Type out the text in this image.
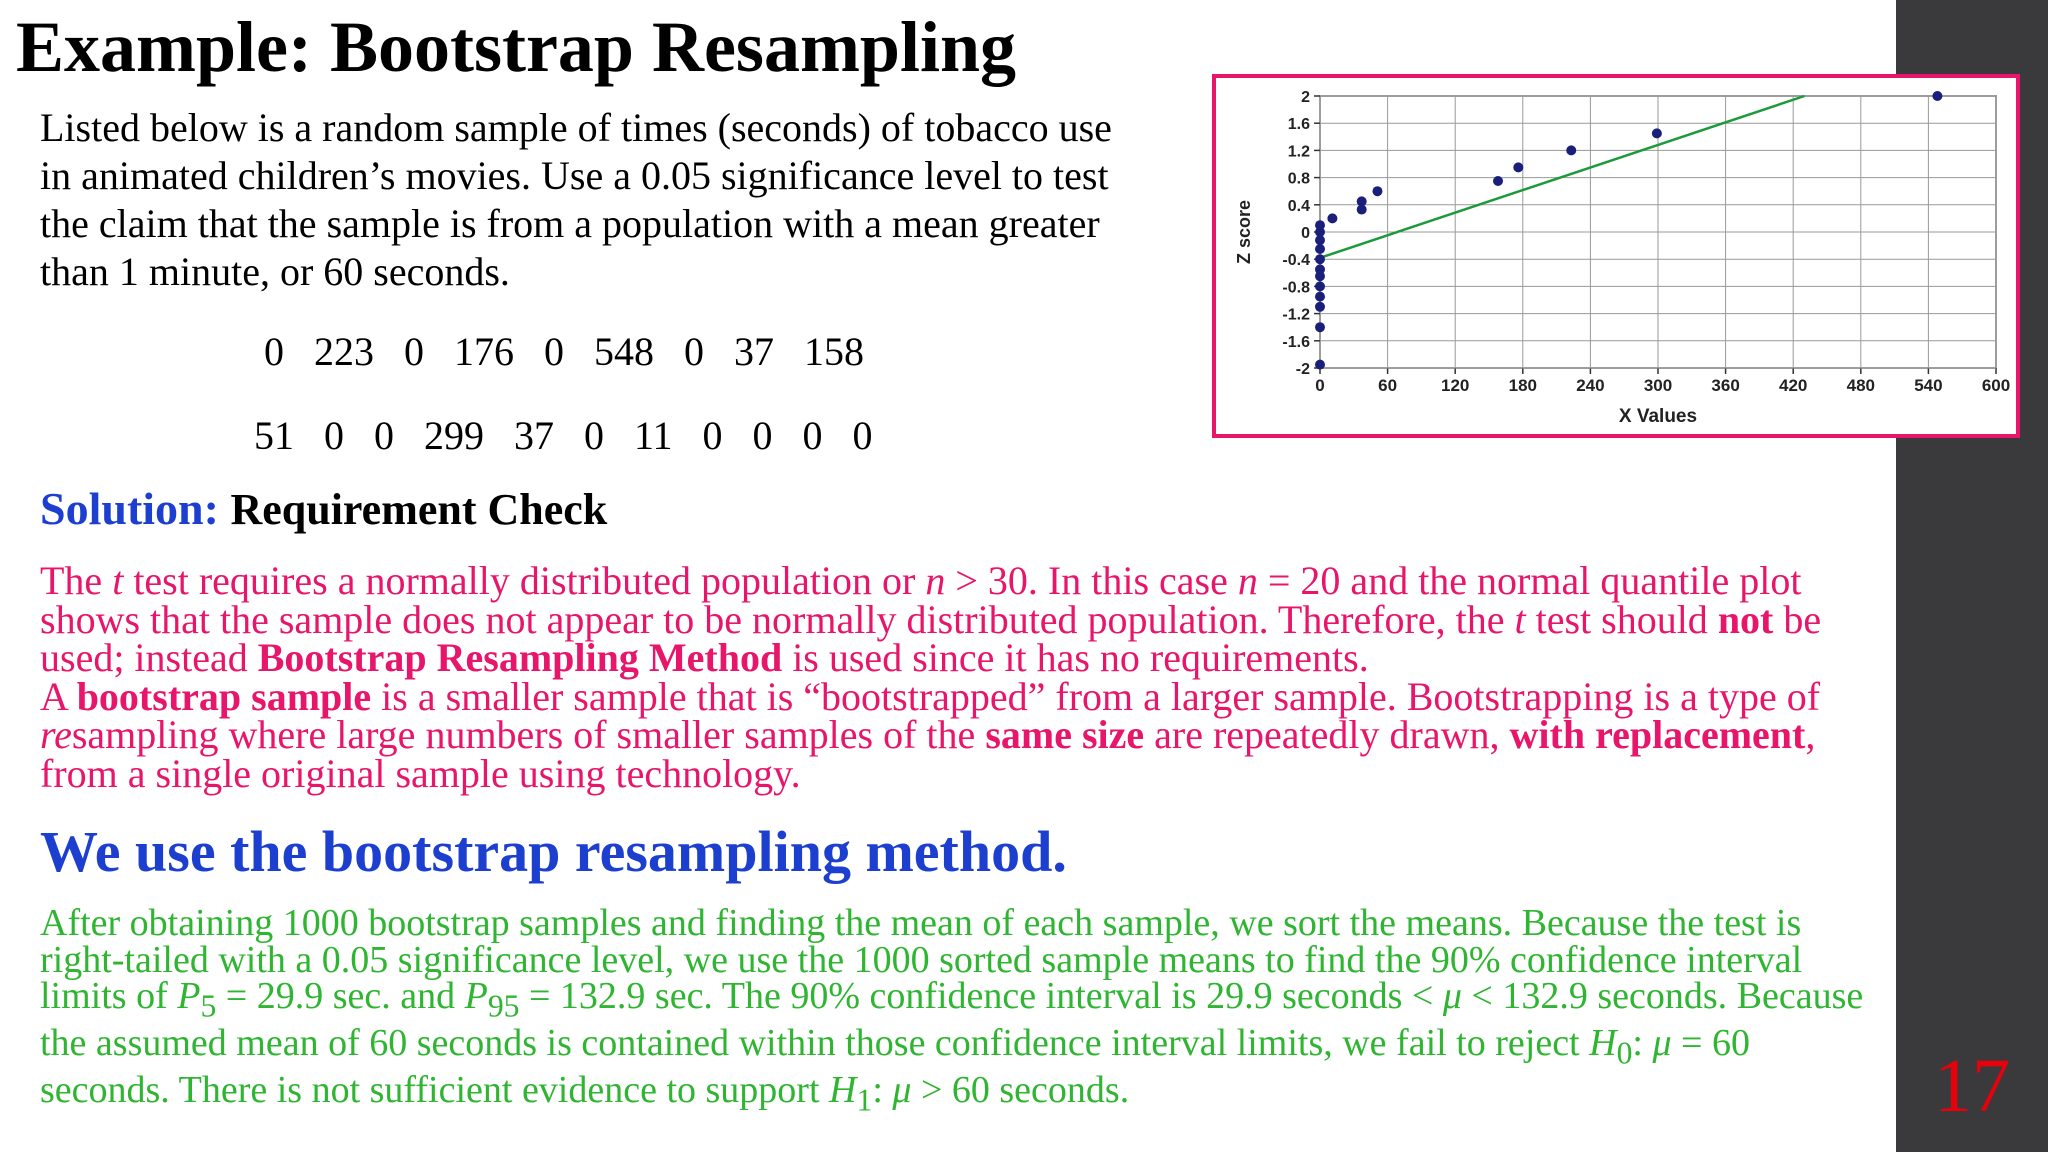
17
Example: Bootstrap Resampling
Listed below is a random sample of times (seconds) of tobacco use in animated children’s movies. Use a 0.05 significance level to test the claim that the sample is from a population with a mean greater than 1 minute, or 60 seconds.
0 223 0 176 0 548 0 37 158
51 0 0 299 37 0 11 0 0 0 0
0	60	120 180 240 300 360 420 480 540 600
2
1.6
1.2
0.8
0.4
0
-0.4
-0.8
-1.2
-1.6
-2
X Values
Z score
Solution: Requirement Check
The t test requires a normally distributed population or n > 30. In this case n = 20 and the normal quantile plot shows that the sample does not appear to be normally distributed population. Therefore, the t test should not be used; instead Bootstrap Resampling Method is used since it has no requirements.
A bootstrap sample is a smaller sample that is “bootstrapped” from a larger sample. Bootstrapping is a type of resampling where large numbers of smaller samples of the same size are repeatedly drawn, with replacement, from a single original sample using technology.
We use the bootstrap resampling method.
After obtaining 1000 bootstrap samples and finding the mean of each sample, we sort the means. Because the test is right-tailed with a 0.05 significance level, we use the 1000 sorted sample means to find the 90% confidence interval limits of $P_5 = 29.9$ sec. and $P_{95} = 132.9$ sec. The 90% confidence interval is 29.9 seconds < μ < 132.9 seconds. Because the assumed mean of 60 seconds is contained within those confidence interval limits, we fail to reject $H_0$: μ = 60 seconds. There is not sufficient evidence to support $H_1$: μ > 60 seconds.
